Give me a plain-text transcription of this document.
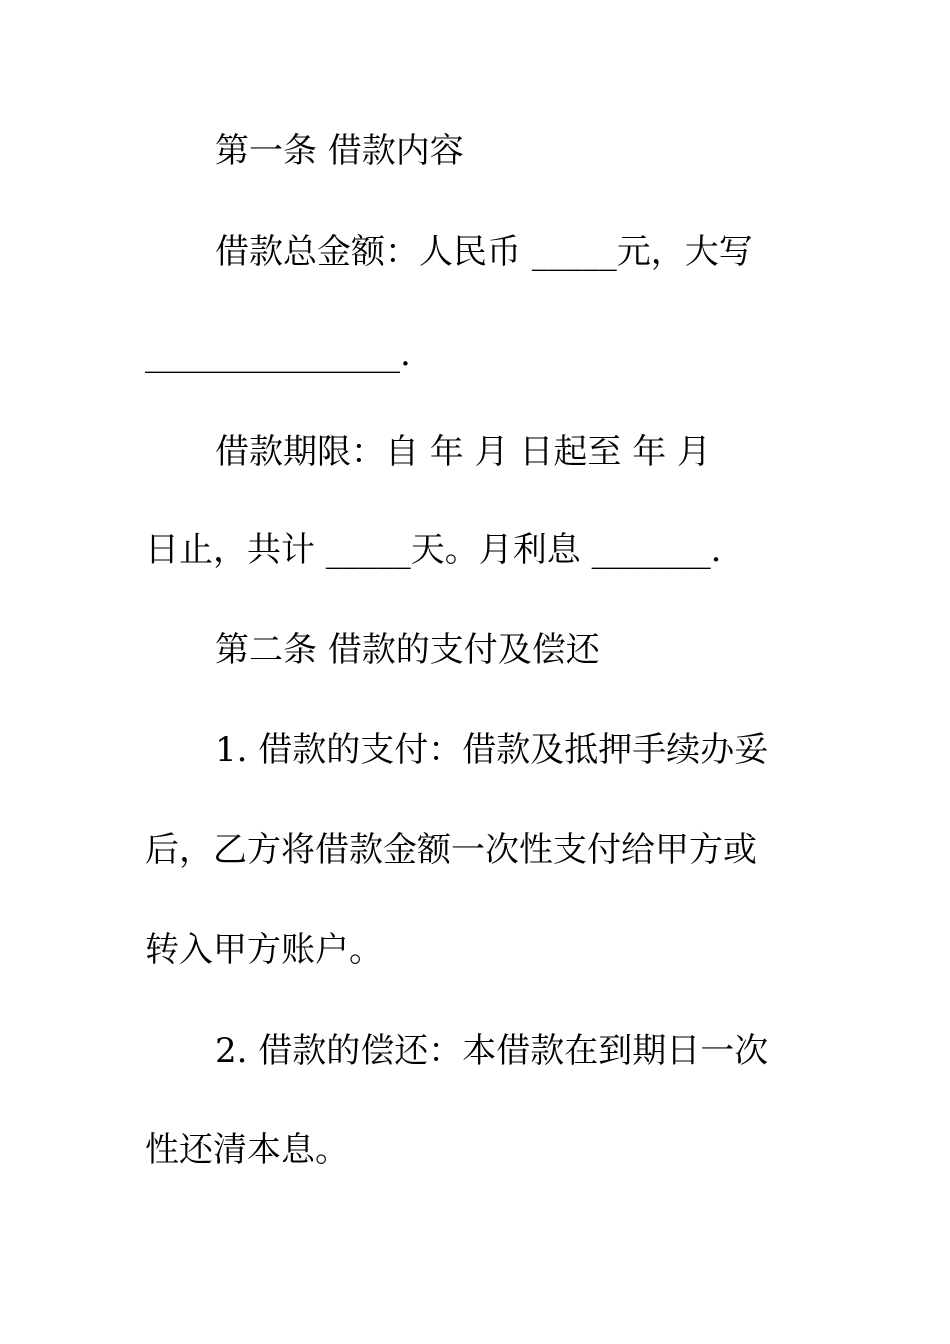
第一条 借款内容
借款总金额：人民币 _____元，大写
_______________.
借款期限：自 年 月 日起至 年 月
日止，共计 _____天。月利息 _______.
第二条 借款的支付及偿还
1. 借款的支付：借款及抵押手续办妥
后，乙方将借款金额一次性支付给甲方或
转入甲方账户。
2. 借款的偿还：本借款在到期日一次
性还清本息。
